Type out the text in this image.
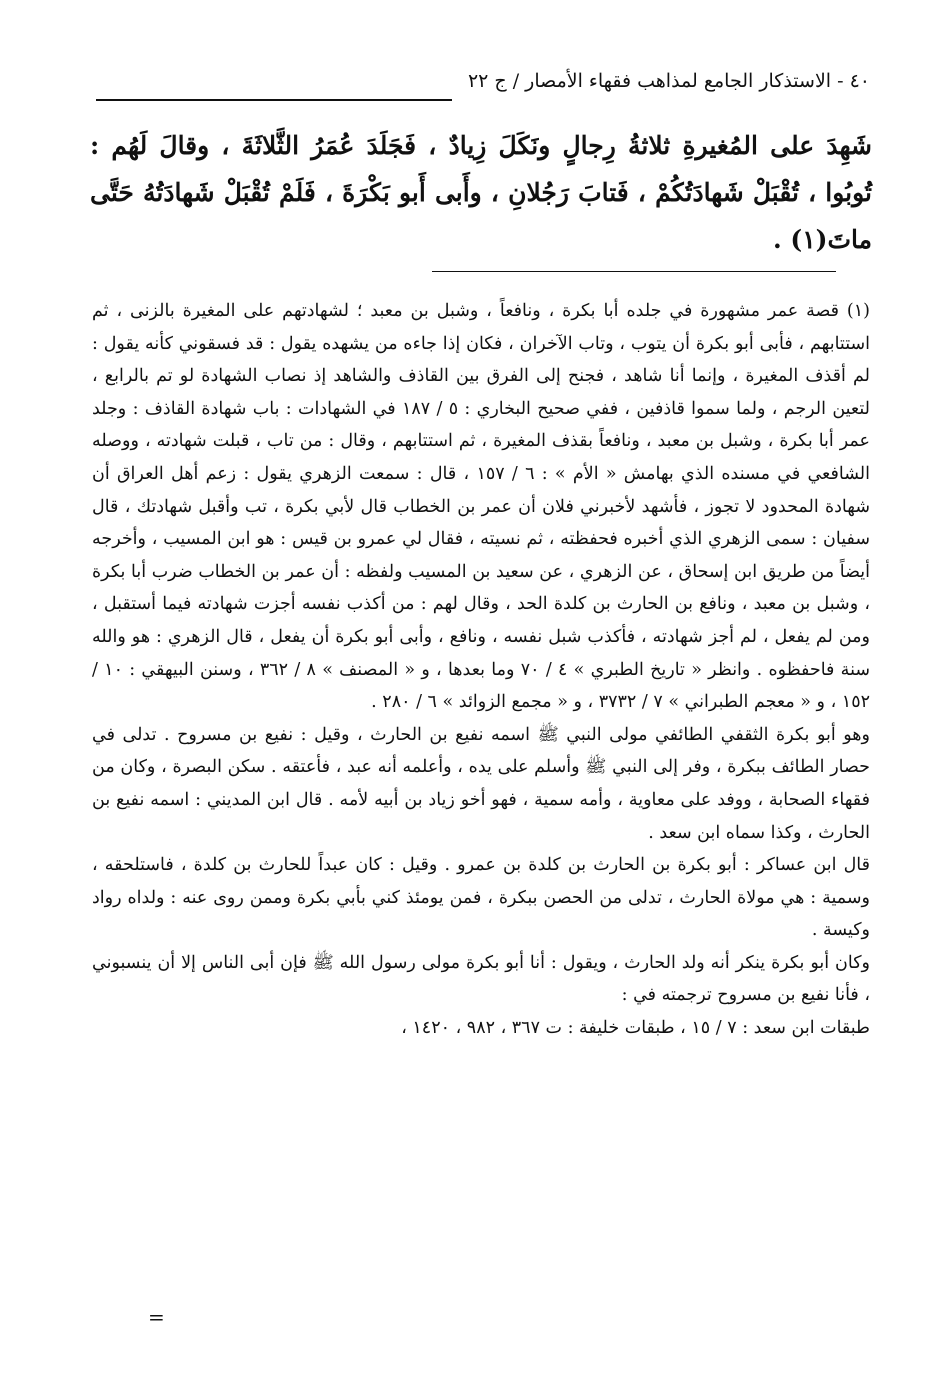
٤٠ - الاستذكار الجامع لمذاهب فقهاء الأمصار / ج ٢٢

شَهِدَ على المُغيرةِ ثلاثةُ رِجالٍ ونَكَلَ زِيادٌ ، فَجَلَدَ عُمَرُ الثَّلاثَةَ ، وقالَ لَهُم : تُوبُوا ، تُقْبَلْ شَهادَتُكُمْ ، فَتابَ رَجُلانِ ، وأَبى أَبو بَكْرَةَ ، فَلَمْ تُقْبَلْ شَهادَتُهُ حَتَّى ماتَ(١) .

(١) قصة عمر مشهورة في جلده أبا بكرة ، ونافعاً ، وشبل بن معبد ؛ لشهادتهم على المغيرة بالزنى ، ثم استتابهم ، فأبى أبو بكرة أن يتوب ، وتاب الآخران ، فكان إذا جاءه من يشهده يقول : قد فسقوني كأنه يقول : لم أقذف المغيرة ، وإنما أنا شاهد ، فجنح إلى الفرق بين القاذف والشاهد إذ نصاب الشهادة لو تم بالرابع ، لتعين الرجم ، ولما سموا قاذفين ، ففي صحيح البخاري : ٥ / ١٨٧ في الشهادات : باب شهادة القاذف : وجلد عمر أبا بكرة ، وشبل بن معبد ، ونافعاً بقذف المغيرة ، ثم استتابهم ، وقال : من تاب ، قبلت شهادته ، ووصله الشافعي في مسنده الذي بهامش « الأم » : ٦ / ١٥٧ ، قال : سمعت الزهري يقول : زعم أهل العراق أن شهادة المحدود لا تجوز ، فأشهد لأخبرني فلان أن عمر بن الخطاب قال لأبي بكرة ، تب وأقبل شهادتك ، قال سفيان : سمى الزهري الذي أخبره فحفظته ، ثم نسيته ، فقال لي عمرو بن قيس : هو ابن المسيب ، وأخرجه أيضاً من طريق ابن إسحاق ، عن الزهري ، عن سعيد بن المسيب ولفظه : أن عمر بن الخطاب ضرب أبا بكرة ، وشبل بن معبد ، ونافع بن الحارث بن كلدة الحد ، وقال لهم : من أكذب نفسه أجزت شهادته فيما أستقبل ، ومن لم يفعل ، لم أجز شهادته ، فأكذب شبل نفسه ، ونافع ، وأبى أبو بكرة أن يفعل ، قال الزهري : هو والله سنة فاحفظوه . وانظر « تاريخ الطبري » ٤ / ٧٠ وما بعدها ، و « المصنف » ٨ / ٣٦٢ ، وسنن البيهقي : ١٠ / ١٥٢ ، و « معجم الطبراني » ٧ / ٣٧٣٢ ، و « مجمع الزوائد » ٦ / ٢٨٠ .

وهو أبو بكرة الثقفي الطائفي مولى النبي ﷺ اسمه نفيع بن الحارث ، وقيل : نفيع بن مسروح . تدلى في حصار الطائف ببكرة ، وفر إلى النبي ﷺ وأسلم على يده ، وأعلمه أنه عبد ، فأعتقه . سكن البصرة ، وكان من فقهاء الصحابة ، ووفد على معاوية ، وأمه سمية ، فهو أخو زياد بن أبيه لأمه . قال ابن المديني : اسمه نفيع بن الحارث ، وكذا سماه ابن سعد .

قال ابن عساكر : أبو بكرة بن الحارث بن كلدة بن عمرو . وقيل : كان عبداً للحارث بن كلدة ، فاستلحقه ، وسمية : هي مولاة الحارث ، تدلى من الحصن ببكرة ، فمن يومئذ كني بأبي بكرة وممن روى عنه : ولداه رواد وكيسة .

وكان أبو بكرة ينكر أنه ولد الحارث ، ويقول : أنا أبو بكرة مولى رسول الله ﷺ فإن أبى الناس إلا أن ينسبوني ، فأنا نفيع بن مسروح ترجمته في :

طبقات ابن سعد : ٧ / ١٥ ، طبقات خليفة : ت ٣٦٧ ، ٩٨٢ ، ١٤٢٠ ،

=
